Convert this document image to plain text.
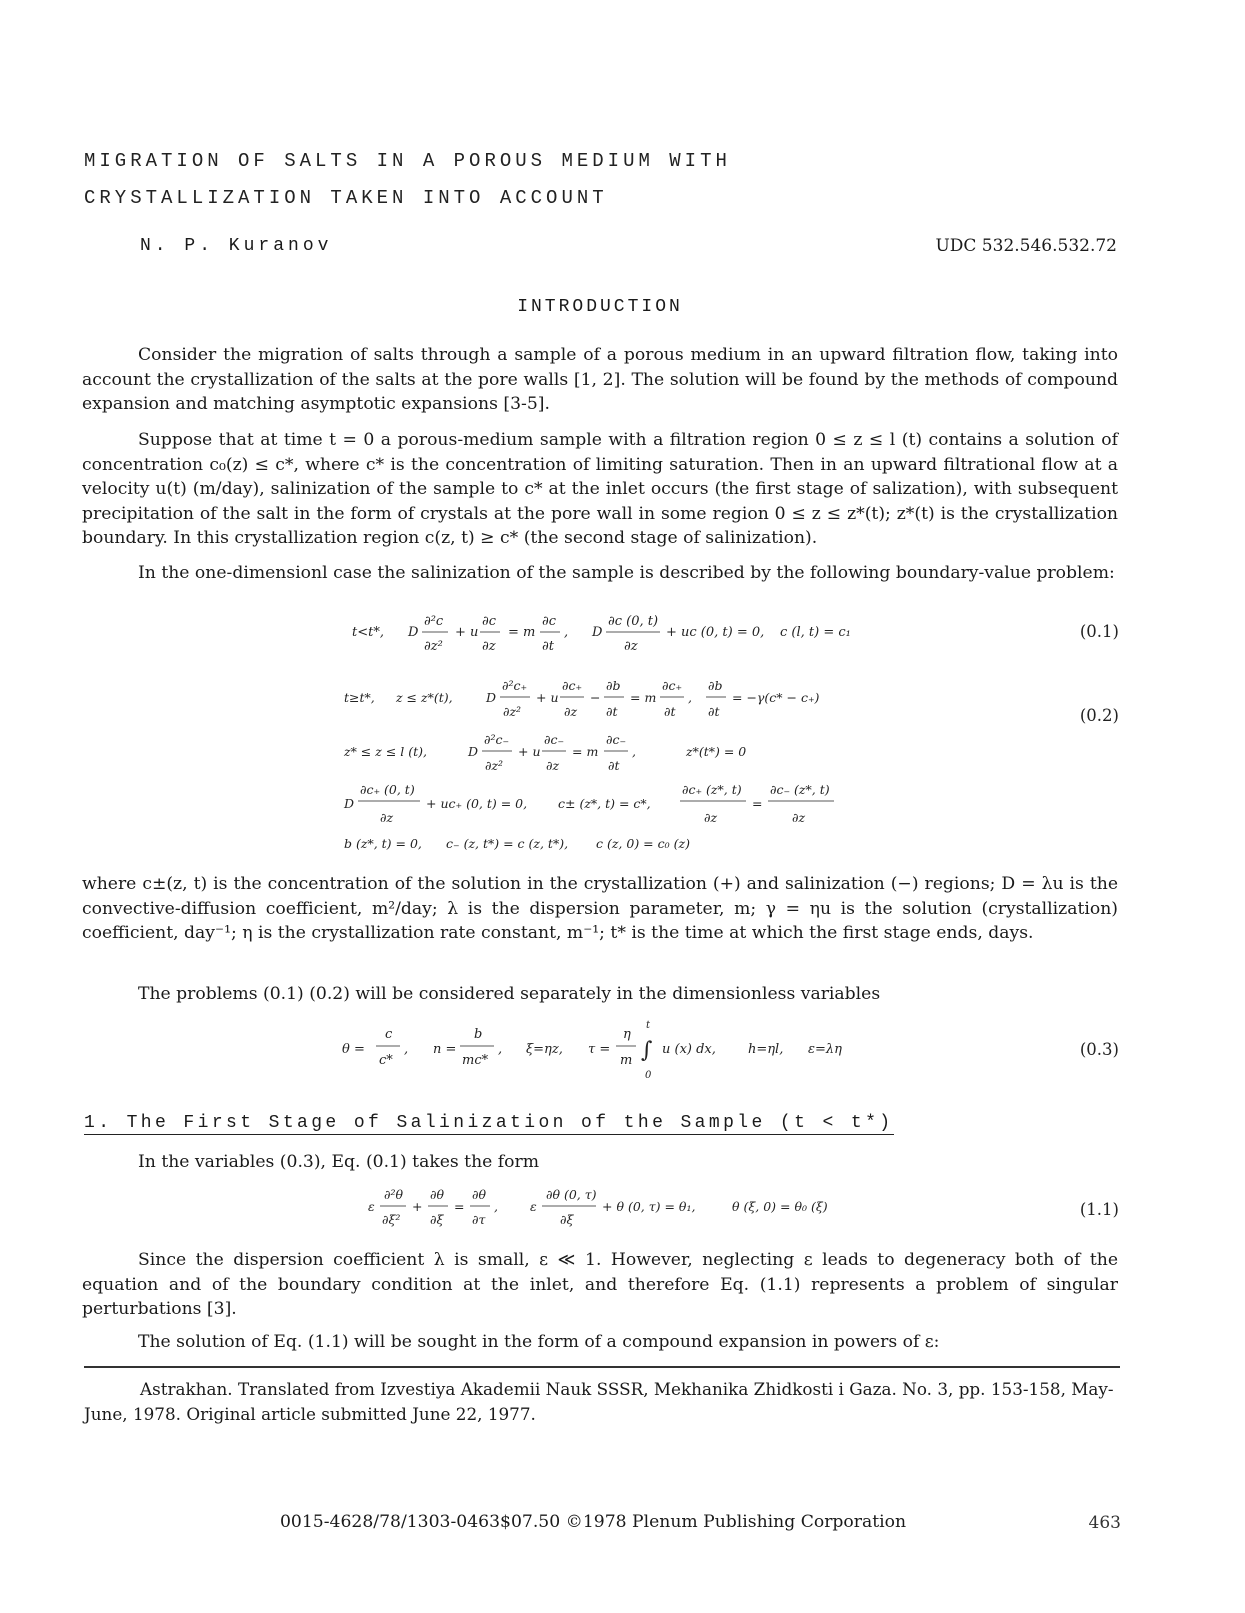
MIGRATION OF SALTS IN A POROUS MEDIUM WITH
CRYSTALLIZATION TAKEN INTO ACCOUNT
N. P. Kuranov	UDC 532.546.532.72
INTRODUCTION
Consider the migration of salts through a sample of a porous medium in an upward filtration flow, taking into account the crystallization of the salts at the pore walls [1, 2]. The solution will be found by the methods of compound expansion and matching asymptotic expansions [3-5].
Suppose that at time t = 0 a porous-medium sample with a filtration region 0 ≤ z ≤ l (t) contains a solution of concentration c₀(z) ≤ c*, where c* is the concentration of limiting saturation. Then in an upward filtrational flow at a velocity u(t) (m/day), salinization of the sample to c* at the inlet occurs (the first stage of salization), with subsequent precipitation of the salt in the form of crystals at the pore wall in some region 0 ≤ z ≤ z*(t); z*(t) is the crystallization boundary. In this crystallization region c(z, t) ≥ c* (the second stage of salinization).
In the one-dimensionl case the salinization of the sample is described by the following boundary-value problem:
t<t*, D
∂²c
∂z²
+ u
∂c
∂z
= m
∂c
∂t
, D
∂c (0, t)
∂z
+ uc (0, t) = 0, c (l, t) = c₁	(0.1)
t≥t*, z ≤ z*(t),	D
∂²c₊
∂z²
+ u
∂c₊
∂z
−
∂b
∂t
= m
∂c₊
∂t
,
∂b
∂t
= −γ(c* − c₊)
z* ≤ z ≤ l (t),	D
∂²c₋
∂z²
+ u
∂c₋
∂z
= m
∂c₋
∂t
,	z*(t*) = 0
D
∂c₊ (0, t)
∂z
+ uc₊ (0, t) = 0, c± (z*, t) = c*,
∂c₊ (z*, t)
∂z
=
∂c₋ (z*, t)
∂z
b (z*, t) = 0, c₋ (z, t*) = c (z, t*), c (z, 0) = c₀ (z)
(0.2)
where c±(z, t) is the concentration of the solution in the crystallization (+) and salinization (−) regions; D = λu is the convective-diffusion coefficient, m²/day; λ is the dispersion parameter, m; γ = ηu is the solution (crystallization) coefficient, day⁻¹; η is the crystallization rate constant, m⁻¹; t* is the time at which the first stage ends, days.
The problems (0.1) (0.2) will be considered separately in the dimensionless variables
θ =
c
c*
, n =
b
mc*
, ξ=ηz, τ =
η
m
t
∫
0
u (x) dx, h=ηl, ε=λη	(0.3)
1. The First Stage of Salinization of the Sample (t < t*)
In the variables (0.3), Eq. (0.1) takes the form
ε
∂²θ
∂ξ²
+
∂θ
∂ξ
=
∂θ
∂τ
,	ε
∂θ (0, τ)
∂ξ
+ θ (0, τ) = θ₁,	θ (ξ, 0) = θ₀ (ξ)	(1.1)
Since the dispersion coefficient λ is small, ε ≪ 1. However, neglecting ε leads to degeneracy both of the equation and of the boundary condition at the inlet, and therefore Eq. (1.1) represents a problem of singular perturbations [3].
The solution of Eq. (1.1) will be sought in the form of a compound expansion in powers of ε:
Astrakhan. Translated from Izvestiya Akademii Nauk SSSR, Mekhanika Zhidkosti i Gaza. No. 3, pp. 153-158, May-June, 1978. Original article submitted June 22, 1977.
0015-4628/78/1303-0463$07.50 ©1978 Plenum Publishing Corporation	463
